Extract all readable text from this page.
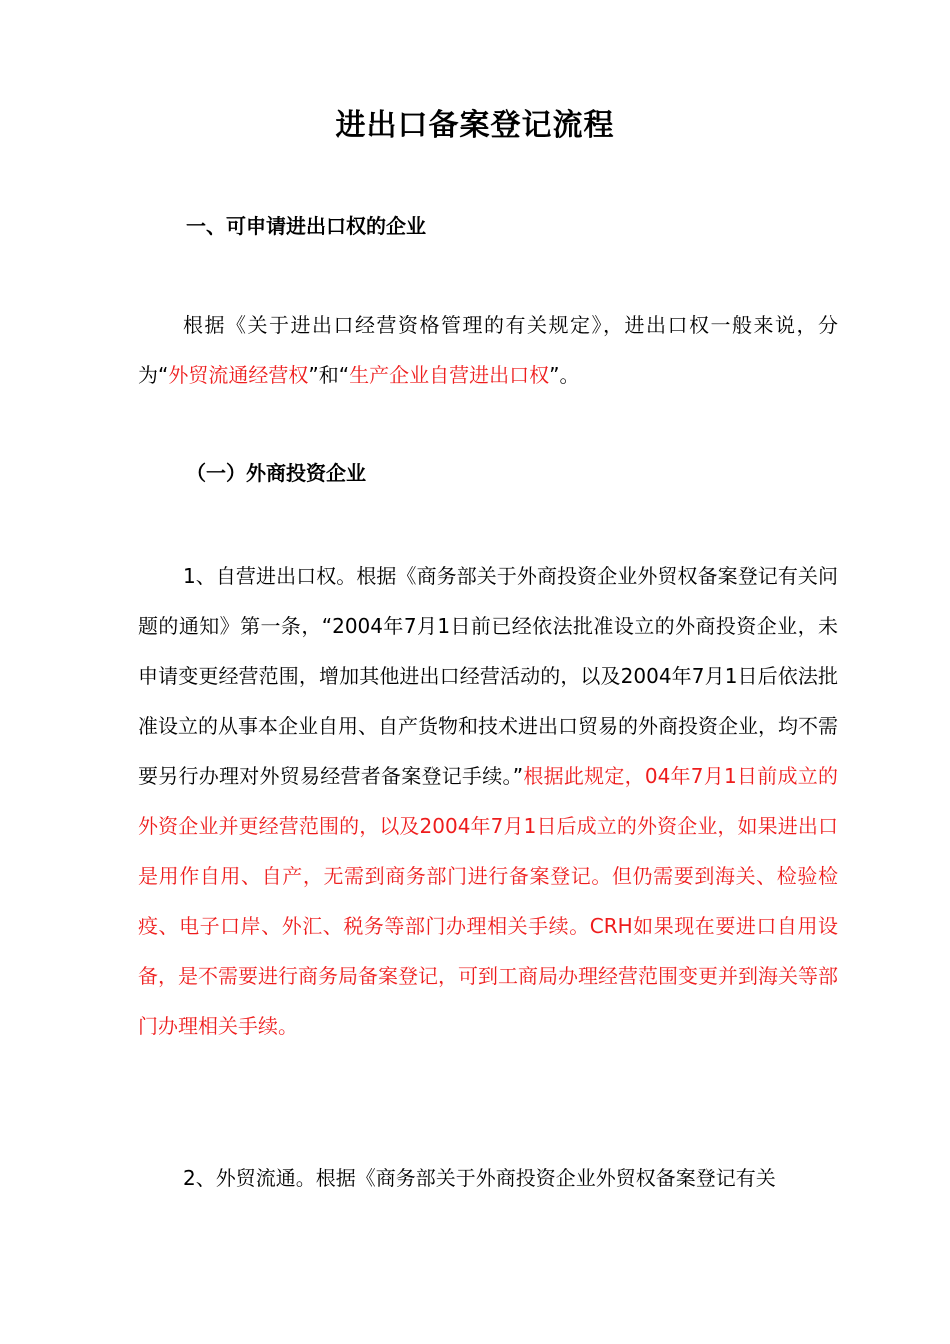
进出口备案登记流程
一、可申请进出口权的企业

根据《关于进出口经营资格管理的有关规定》，进出口权一般来说，分为“外贸流通经营权”和“生产企业自营进出口权”。

（一）外商投资企业

1、自营进出口权。根据《商务部关于外商投资企业外贸权备案登记有关问题的通知》第一条，“2004年7月1日前已经依法批准设立的外商投资企业，未申请变更经营范围，增加其他进出口经营活动的，以及2004年7月1日后依法批准设立的从事本企业自用、自产货物和技术进出口贸易的外商投资企业，均不需要另行办理对外贸易经营者备案登记手续。”根据此规定，04年7月1日前成立的外资企业并更经营范围的，以及2004年7月1日后成立的外资企业，如果进出口是用作自用、自产，无需到商务部门进行备案登记。但仍需要到海关、检验检疫、电子口岸、外汇、税务等部门办理相关手续。CRH如果现在要进口自用设备，是不需要进行商务局备案登记，可到工商局办理经营范围变更并到海关等部门办理相关手续。

2、外贸流通。根据《商务部关于外商投资企业外贸权备案登记有关
